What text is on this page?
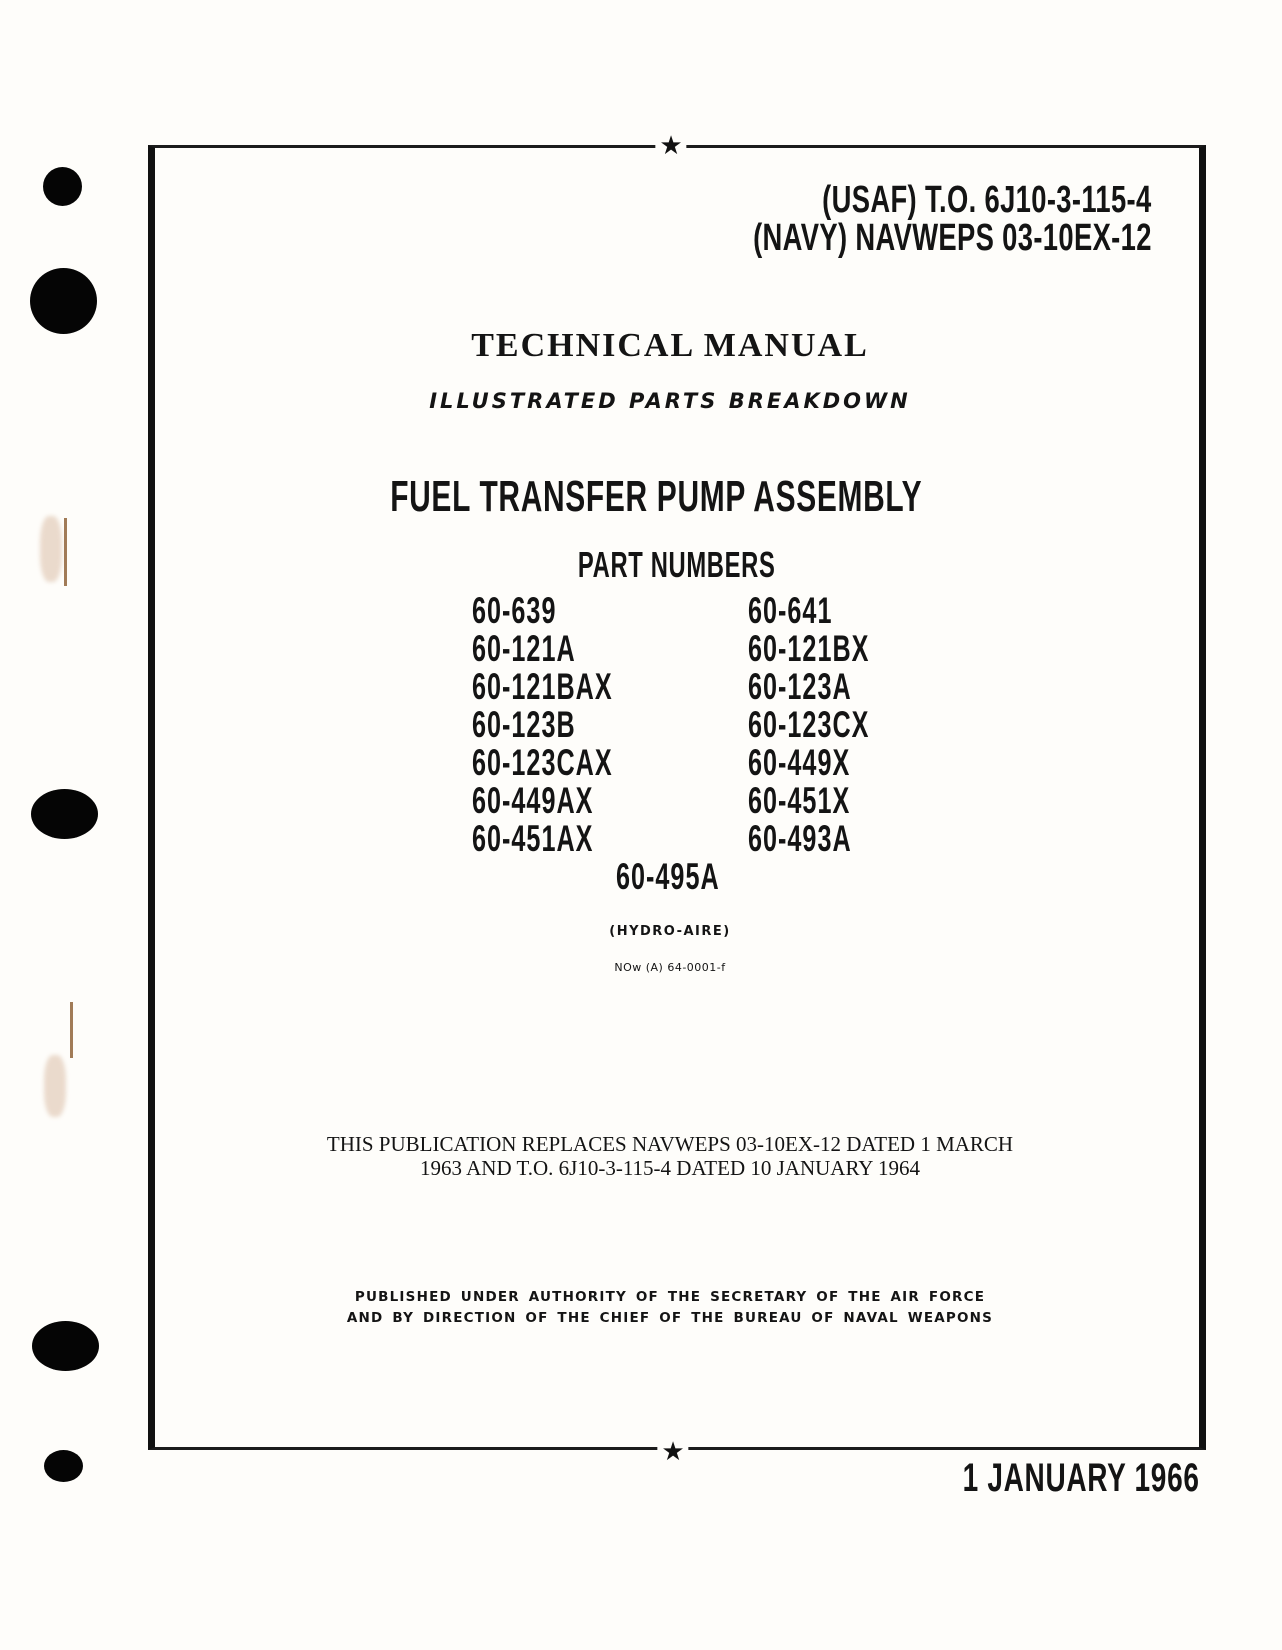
★
★
(USAF) T.O. 6J10-3-115-4
(NAVY) NAVWEPS 03-10EX-12
TECHNICAL MANUAL
ILLUSTRATED PARTS BREAKDOWN
FUEL TRANSFER PUMP ASSEMBLY
PART NUMBERS
60-639
60-121A
60-121BAX
60-123B
60-123CAX
60-449AX
60-451AX
60-641
60-121BX
60-123A
60-123CX
60-449X
60-451X
60-493A
60-495A
(HYDRO-AIRE)
NOw (A) 64-0001-f
THIS PUBLICATION REPLACES NAVWEPS 03-10EX-12 DATED 1 MARCH
1963 AND T.O. 6J10-3-115-4 DATED 10 JANUARY 1964
PUBLISHED UNDER AUTHORITY OF THE SECRETARY OF THE AIR FORCE
AND BY DIRECTION OF THE CHIEF OF THE BUREAU OF NAVAL WEAPONS
1 JANUARY 1966
